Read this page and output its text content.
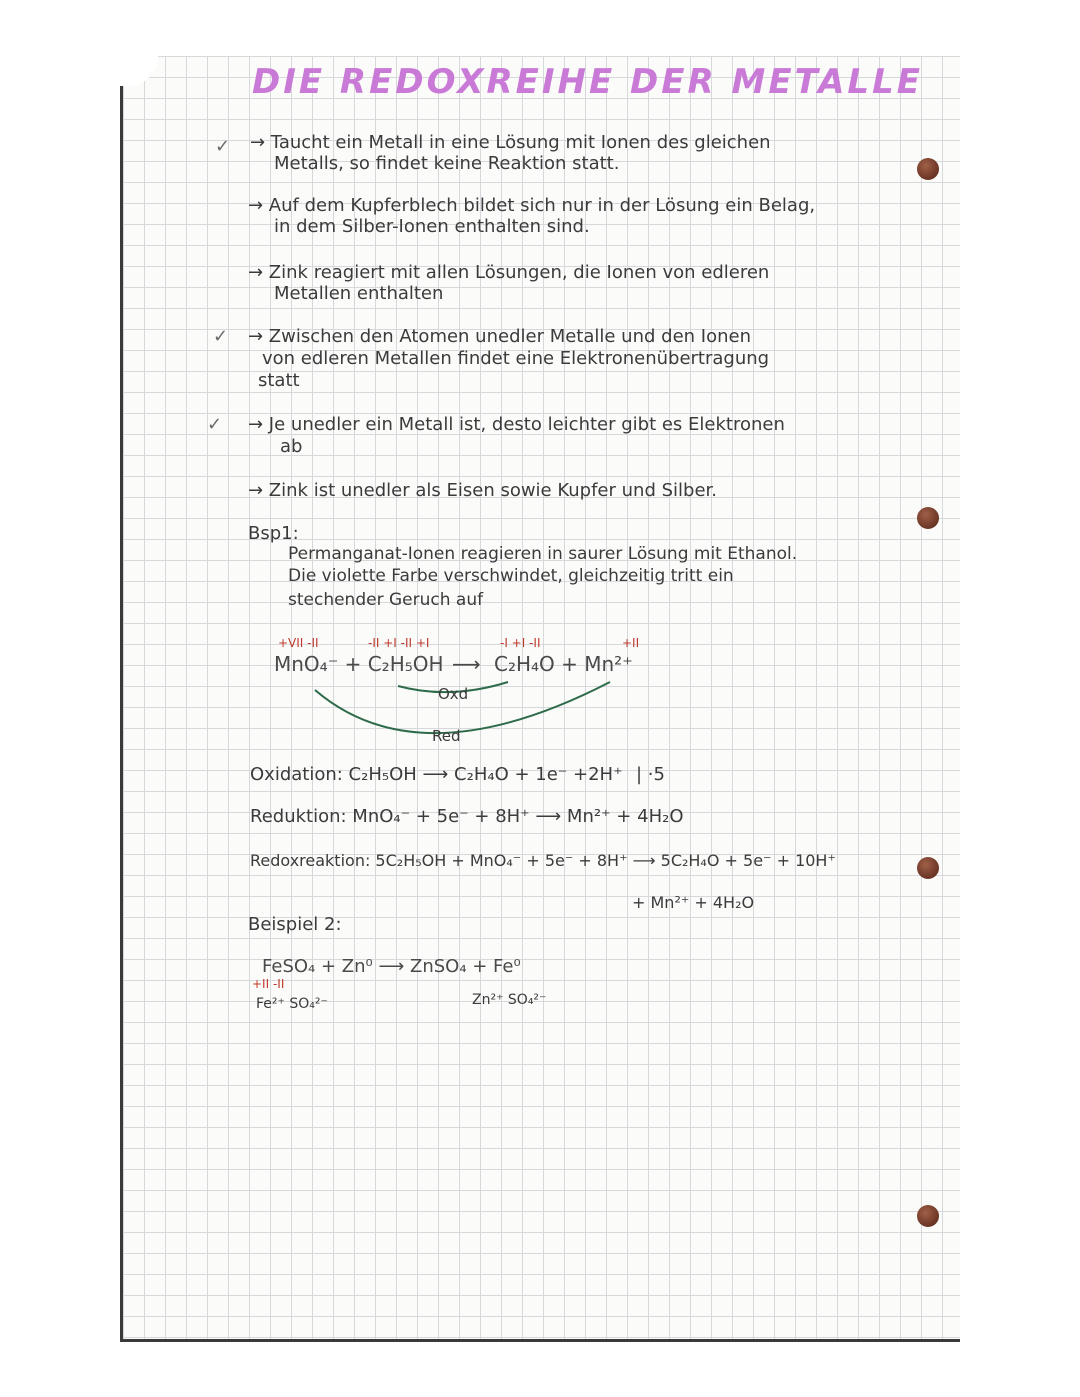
DIE REDOXREIHE DER METALLE
✓
✓
✓
→ Taucht ein Metall in eine Lösung mit Ionen des gleichen
Metalls, so findet keine Reaktion statt.
→ Auf dem Kupferblech bildet sich nur in der Lösung ein Belag,
in dem Silber-Ionen enthalten sind.
→ Zink reagiert mit allen Lösungen, die Ionen von edleren
Metallen enthalten
→ Zwischen den Atomen unedler Metalle und den Ionen
von edleren Metallen findet eine Elektronenübertragung
statt
→ Je unedler ein Metall ist, desto leichter gibt es Elektronen
ab
→ Zink ist unedler als Eisen sowie Kupfer und Silber.
Bsp1:
Permanganat-Ionen reagieren in saurer Lösung mit Ethanol.
Die violette Farbe verschwindet, gleichzeitig tritt ein
stechender Geruch auf
+VII -II	-II +I -II +I	-I +I -II	+II
MnO₄⁻ + C₂H₅OH ⟶ C₂H₄O + Mn²⁺
Oxd
Red
Oxidation: C₂H₅OH ⟶ C₂H₄O + 1e⁻ +2H⁺ | ·5
Reduktion: MnO₄⁻ + 5e⁻ + 8H⁺ ⟶ Mn²⁺ + 4H₂O
Redoxreaktion: 5C₂H₅OH + MnO₄⁻ + 5e⁻ + 8H⁺ ⟶ 5C₂H₄O + 5e⁻ + 10H⁺
+ Mn²⁺ + 4H₂O
Beispiel 2:
+II -II
FeSO₄ + Zn⁰ ⟶ ZnSO₄ + Fe⁰
Fe²⁺ SO₄²⁻	Zn²⁺ SO₄²⁻
